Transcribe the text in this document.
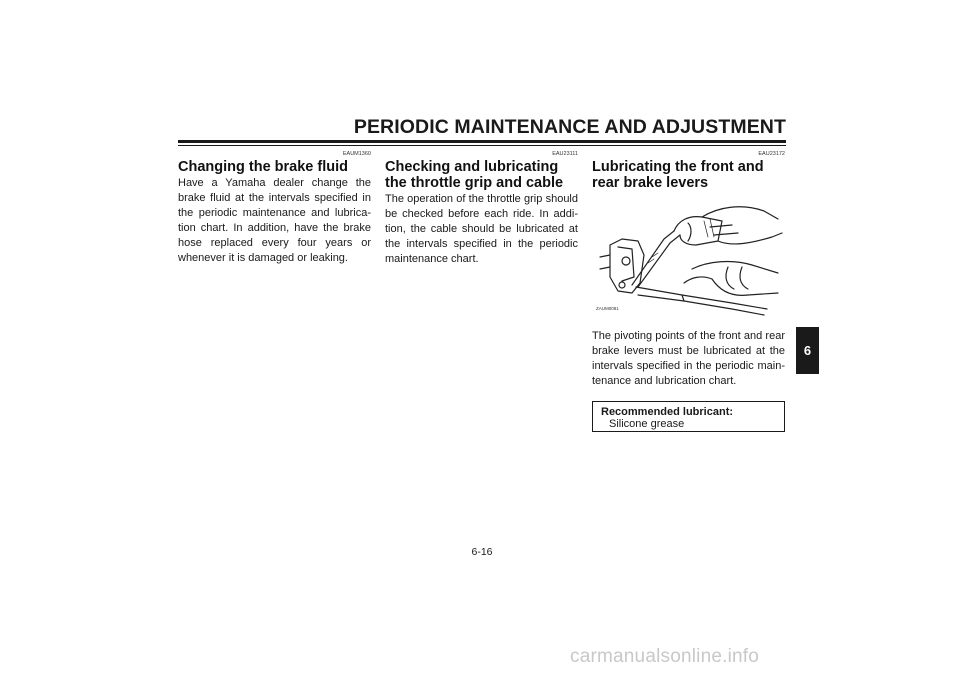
PERIODIC MAINTENANCE AND ADJUSTMENT
EAUM1360
Changing the brake fluid

Have a Yamaha dealer change the brake fluid at the intervals specified in the periodic maintenance and lubrica-tion chart. In addition, have the brake hose replaced every four years or whenever it is damaged or leaking.

EAU23111
Checking and lubricating the throttle grip and cable

The operation of the throttle grip should be checked before each ride. In addi-tion, the cable should be lubricated at the intervals specified in the periodic maintenance chart.

EAU23172
Lubricating the front and rear brake levers
ZAUM0081

The pivoting points of the front and rear brake levers must be lubricated at the intervals specified in the periodic main-tenance and lubrication chart.

Recommended lubricant:
Silicone grease
6
6-16
carmanualsonline.info
